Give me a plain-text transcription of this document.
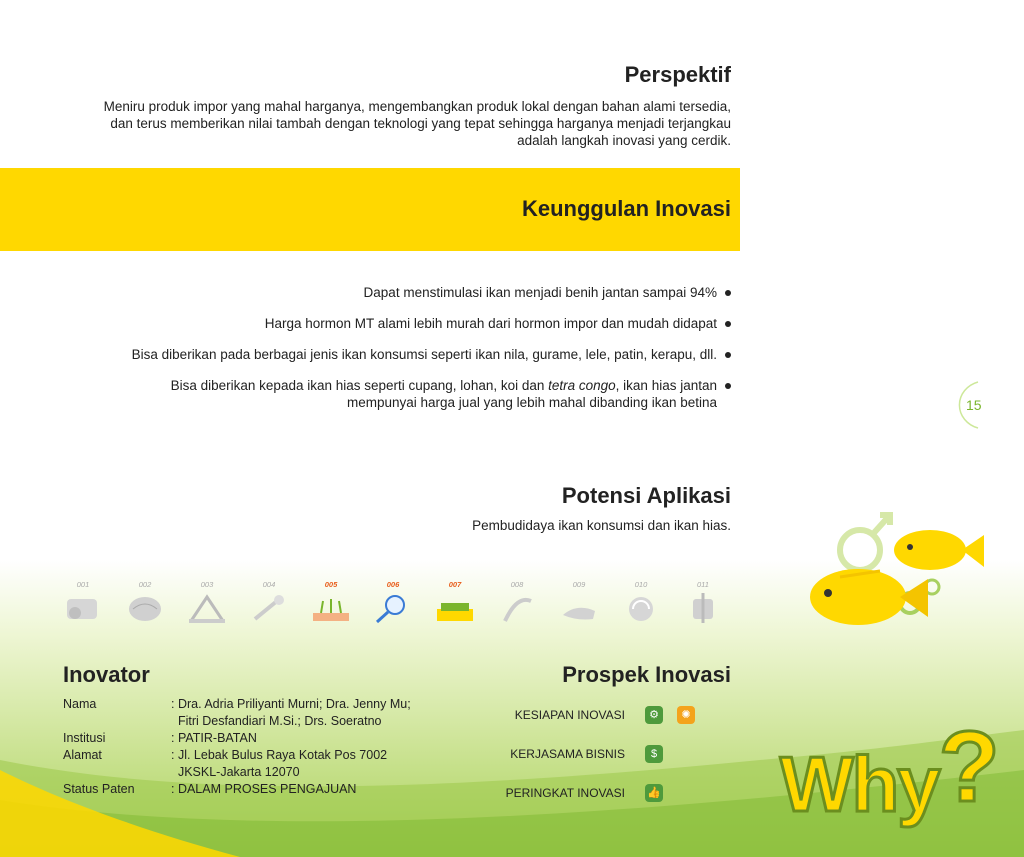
Perspektif

Meniru produk impor yang mahal harganya, mengembangkan produk lokal dengan bahan alami tersedia,
dan terus memberikan nilai tambah dengan teknologi yang tepat sehingga harganya menjadi terjangkau
adalah langkah inovasi yang cerdik.

Keunggulan Inovasi
Dapat menstimulasi ikan menjadi benih jantan sampai 94%
Harga hormon MT alami lebih murah dari hormon impor dan mudah didapat
Bisa diberikan pada berbagai jenis ikan konsumsi seperti ikan nila, gurame, lele, patin, kerapu, dll.
Bisa diberikan kepada ikan hias seperti cupang, lohan, koi dan tetra congo, ikan hias jantan
mempunyai harga jual yang lebih mahal dibanding ikan betina	15
Potensi Aplikasi

Pembudidaya ikan konsumsi dan ikan hias.

001	002	003	004	005	006	007	008	009	010	011
Inovator
Nama	: Dra. Adria Priliyanti Murni; Dra. Jenny Mu;
Fitri Desfandiari M.Si.; Drs. Soeratno
Institusi	: PATIR-BATAN
Alamat	: Jl. Lebak Bulus Raya Kotak Pos 7002
JKSKL-Jakarta 12070
Status Paten	: DALAM PROSES PENGAJUAN
Prospek Inovasi
KESIAPAN INOVASI	⚙	✺
KERJASAMA BISNIS	$
PERINGKAT INOVASI 👍 Why?
